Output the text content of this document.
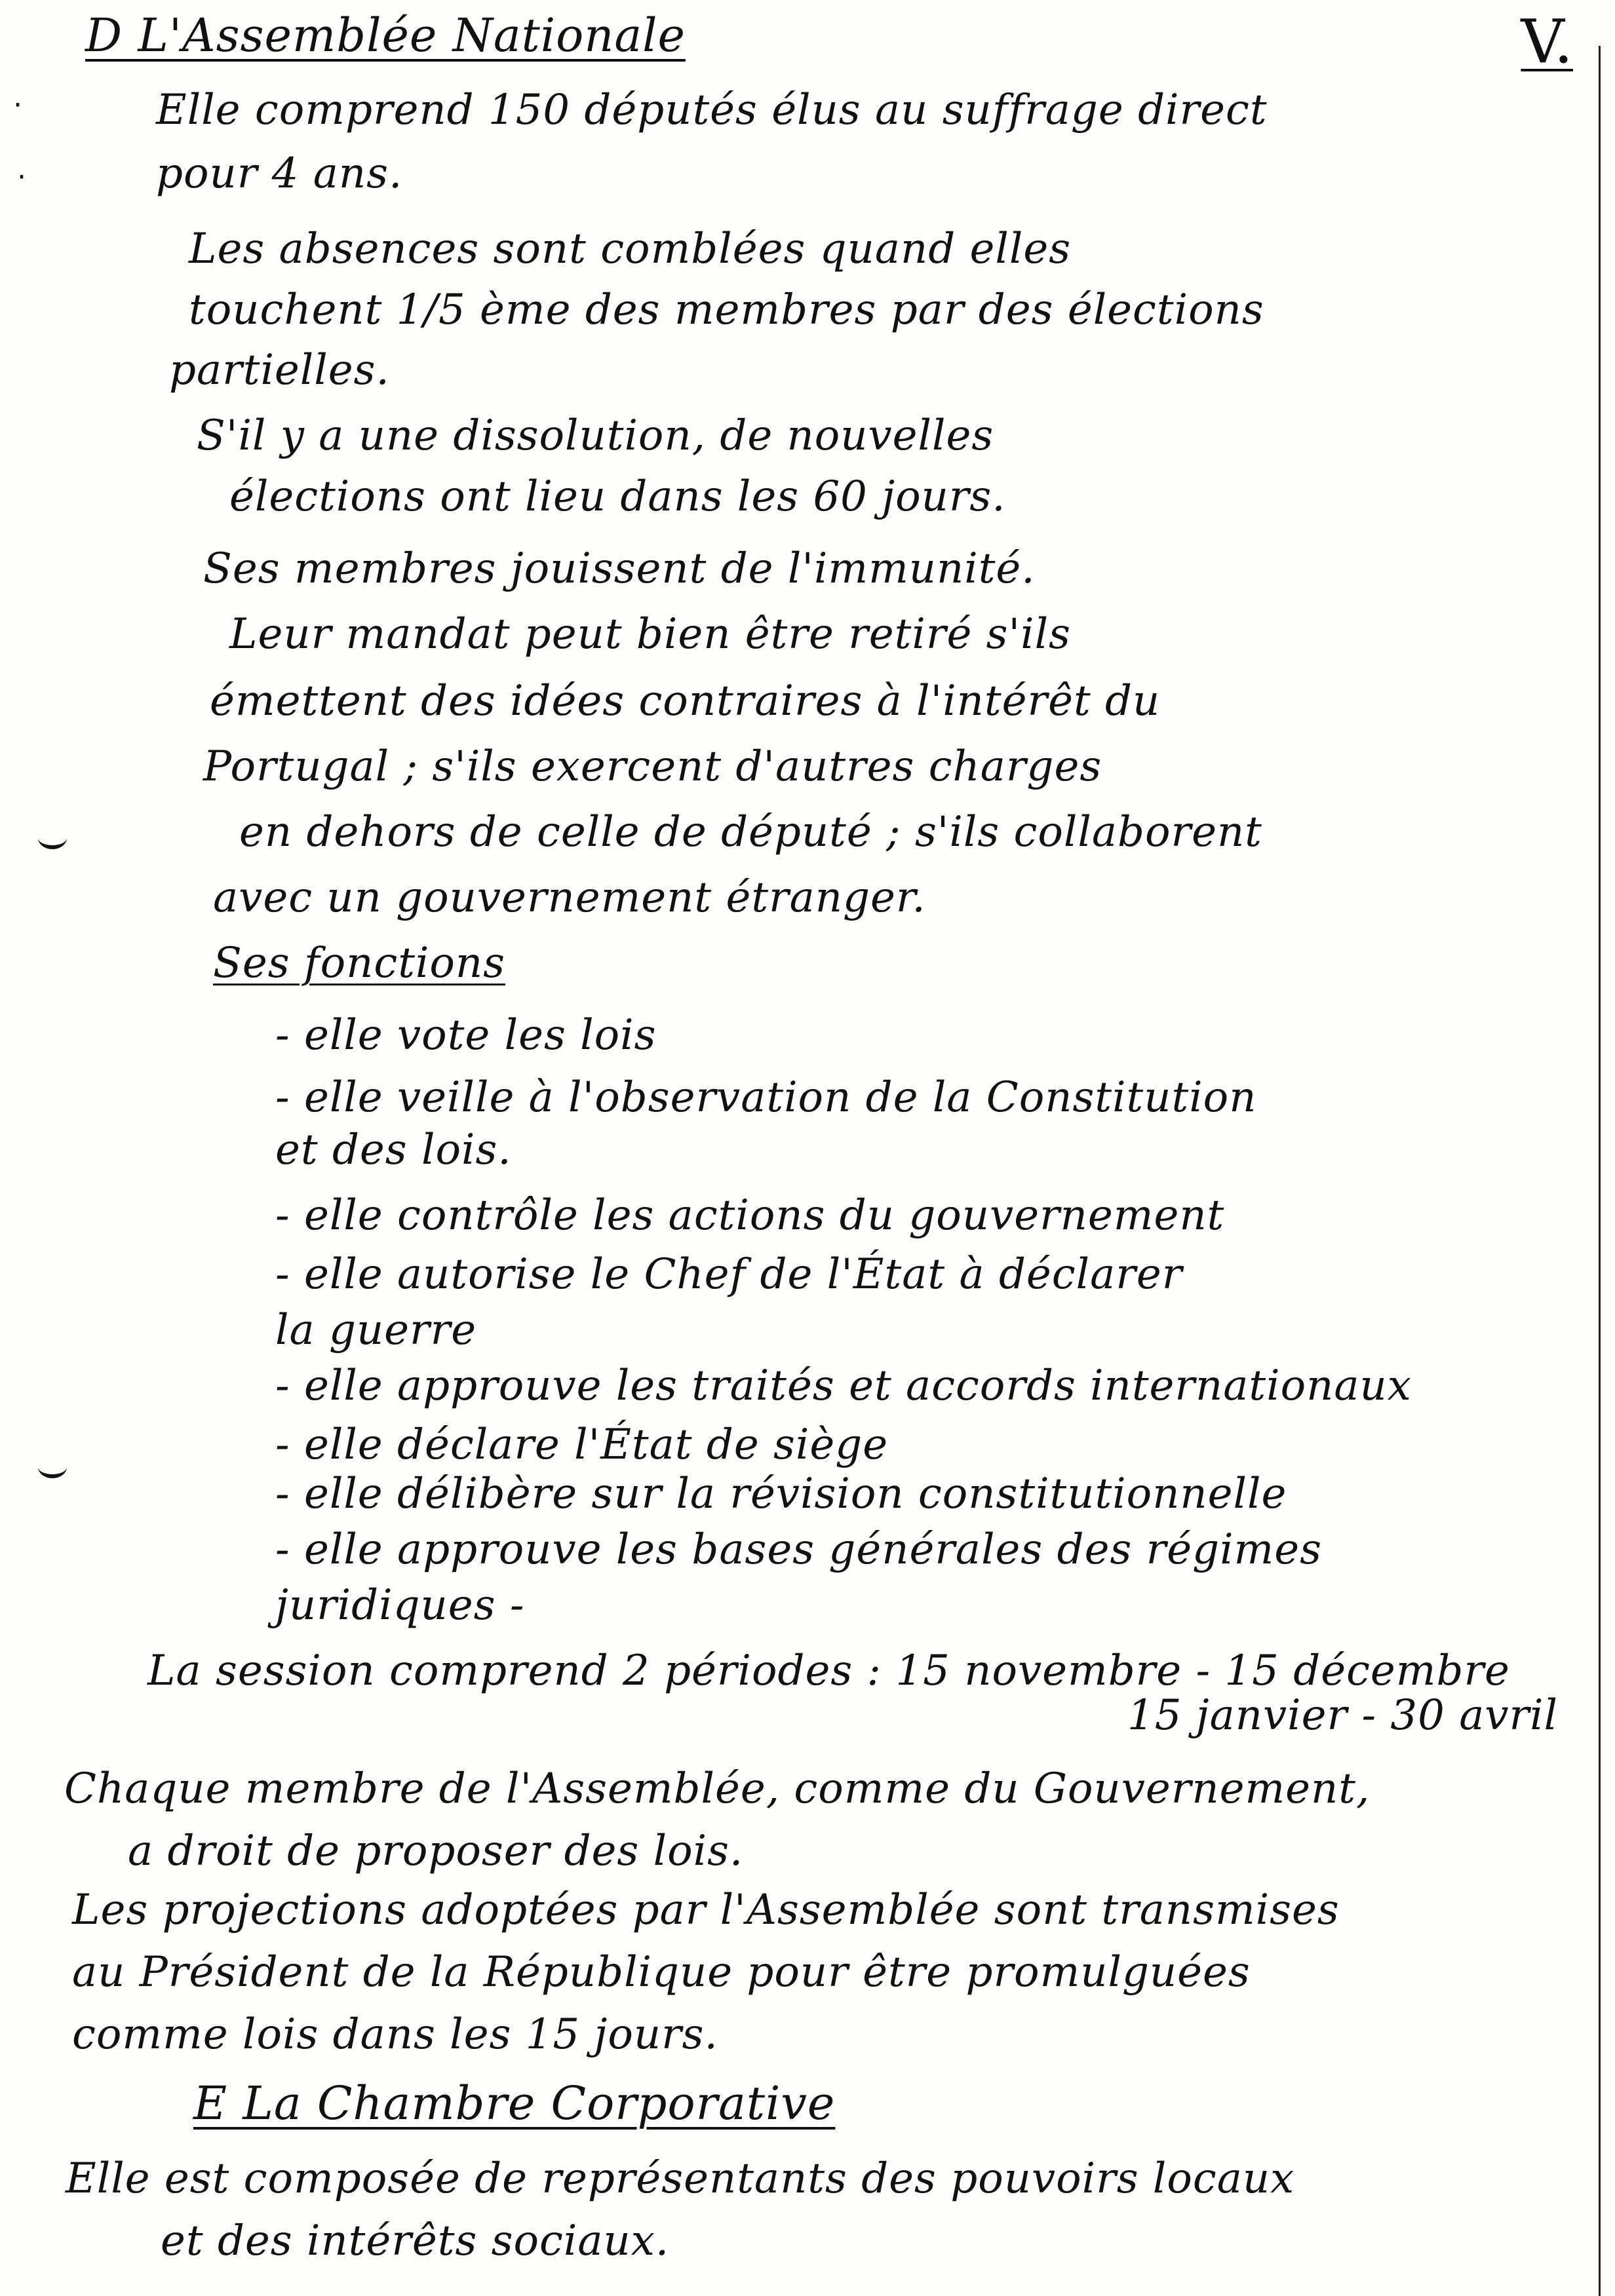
V.
·
·
D L'Assemblée Nationale
Elle comprend 150 députés élus au suffrage direct
pour 4 ans.
Les absences sont comblées quand elles
touchent 1/5 ème des membres par des élections
partielles.
S'il y a une dissolution, de nouvelles
élections ont lieu dans les 60 jours.
Ses membres jouissent de l'immunité.
Leur mandat peut bien être retiré s'ils
émettent des idées contraires à l'intérêt du
Portugal ; s'ils exercent d'autres charges
en dehors de celle de député ; s'ils collaborent
avec un gouvernement étranger.
Ses fonctions
- elle vote les lois
- elle veille à l'observation de la Constitution
et des lois.
- elle contrôle les actions du gouvernement
- elle autorise le Chef de l'État à déclarer
la guerre
- elle approuve les traités et accords internationaux
- elle déclare l'État de siège
- elle délibère sur la révision constitutionnelle
- elle approuve les bases générales des régimes
juridiques -
La session comprend 2 périodes : 15 novembre - 15 décembre
15 janvier - 30 avril
Chaque membre de l'Assemblée, comme du Gouvernement,
a droit de proposer des lois.
Les projections adoptées par l'Assemblée sont transmises
au Président de la République pour être promulguées
comme lois dans les 15 jours.
E La Chambre Corporative
Elle est composée de représentants des pouvoirs locaux
et des intérêts sociaux.
